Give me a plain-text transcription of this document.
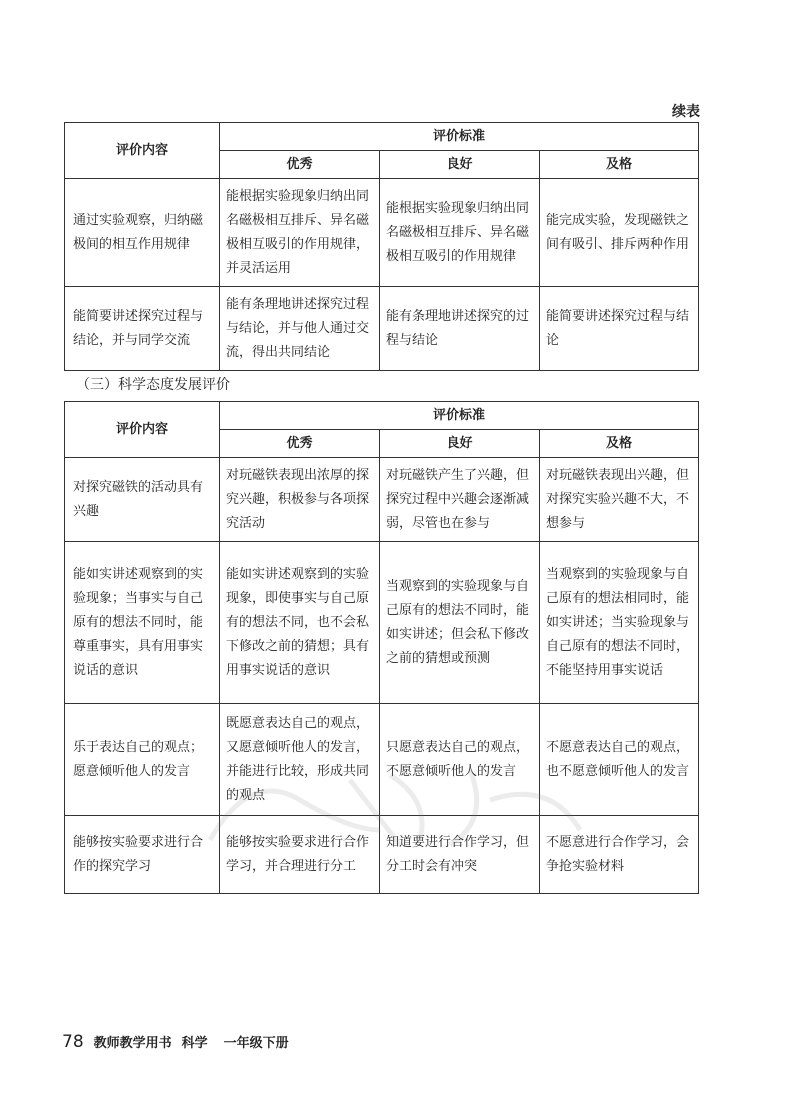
续表
评价内容	评价标准		
	优秀	良好	及格
通过实验观察，归纳磁极间的相互作用规律	能根据实验现象归纳出同名磁极相互排斥、异名磁极相互吸引的作用规律，并灵活运用	能根据实验现象归纳出同名磁极相互排斥、异名磁极相互吸引的作用规律	能完成实验，发现磁铁之间有吸引、排斥两种作用
能简要讲述探究过程与结论，并与同学交流	能有条理地讲述探究过程与结论，并与他人通过交流，得出共同结论	能有条理地讲述探究的过程与结论	能简要讲述探究过程与结论
（三）科学态度发展评价
评价内容	评价标准		
	优秀	良好	及格
对探究磁铁的活动具有兴趣	对玩磁铁表现出浓厚的探究兴趣，积极参与各项探究活动	对玩磁铁产生了兴趣，但探究过程中兴趣会逐渐减弱，尽管也在参与	对玩磁铁表现出兴趣，但对探究实验兴趣不大，不想参与
能如实讲述观察到的实验现象；当事实与自己原有的想法不同时，能尊重事实，具有用事实说话的意识	能如实讲述观察到的实验现象，即使事实与自己原有的想法不同，也不会私下修改之前的猜想；具有用事实说话的意识	当观察到的实验现象与自己原有的想法不同时，能如实讲述；但会私下修改之前的猜想或预测	当观察到的实验现象与自己原有的想法相同时，能如实讲述；当实验现象与自己原有的想法不同时，不能坚持用事实说话
乐于表达自己的观点；愿意倾听他人的发言	既愿意表达自己的观点，又愿意倾听他人的发言，并能进行比较，形成共同的观点	只愿意表达自己的观点，不愿意倾听他人的发言	不愿意表达自己的观点，也不愿意倾听他人的发言
能够按实验要求进行合作的探究学习	能够按实验要求进行合作学习，并合理进行分工	知道要进行合作学习，但分工时会有冲突	不愿意进行合作学习，会争抢实验材料
78 教师教学用书 科学 一年级下册
